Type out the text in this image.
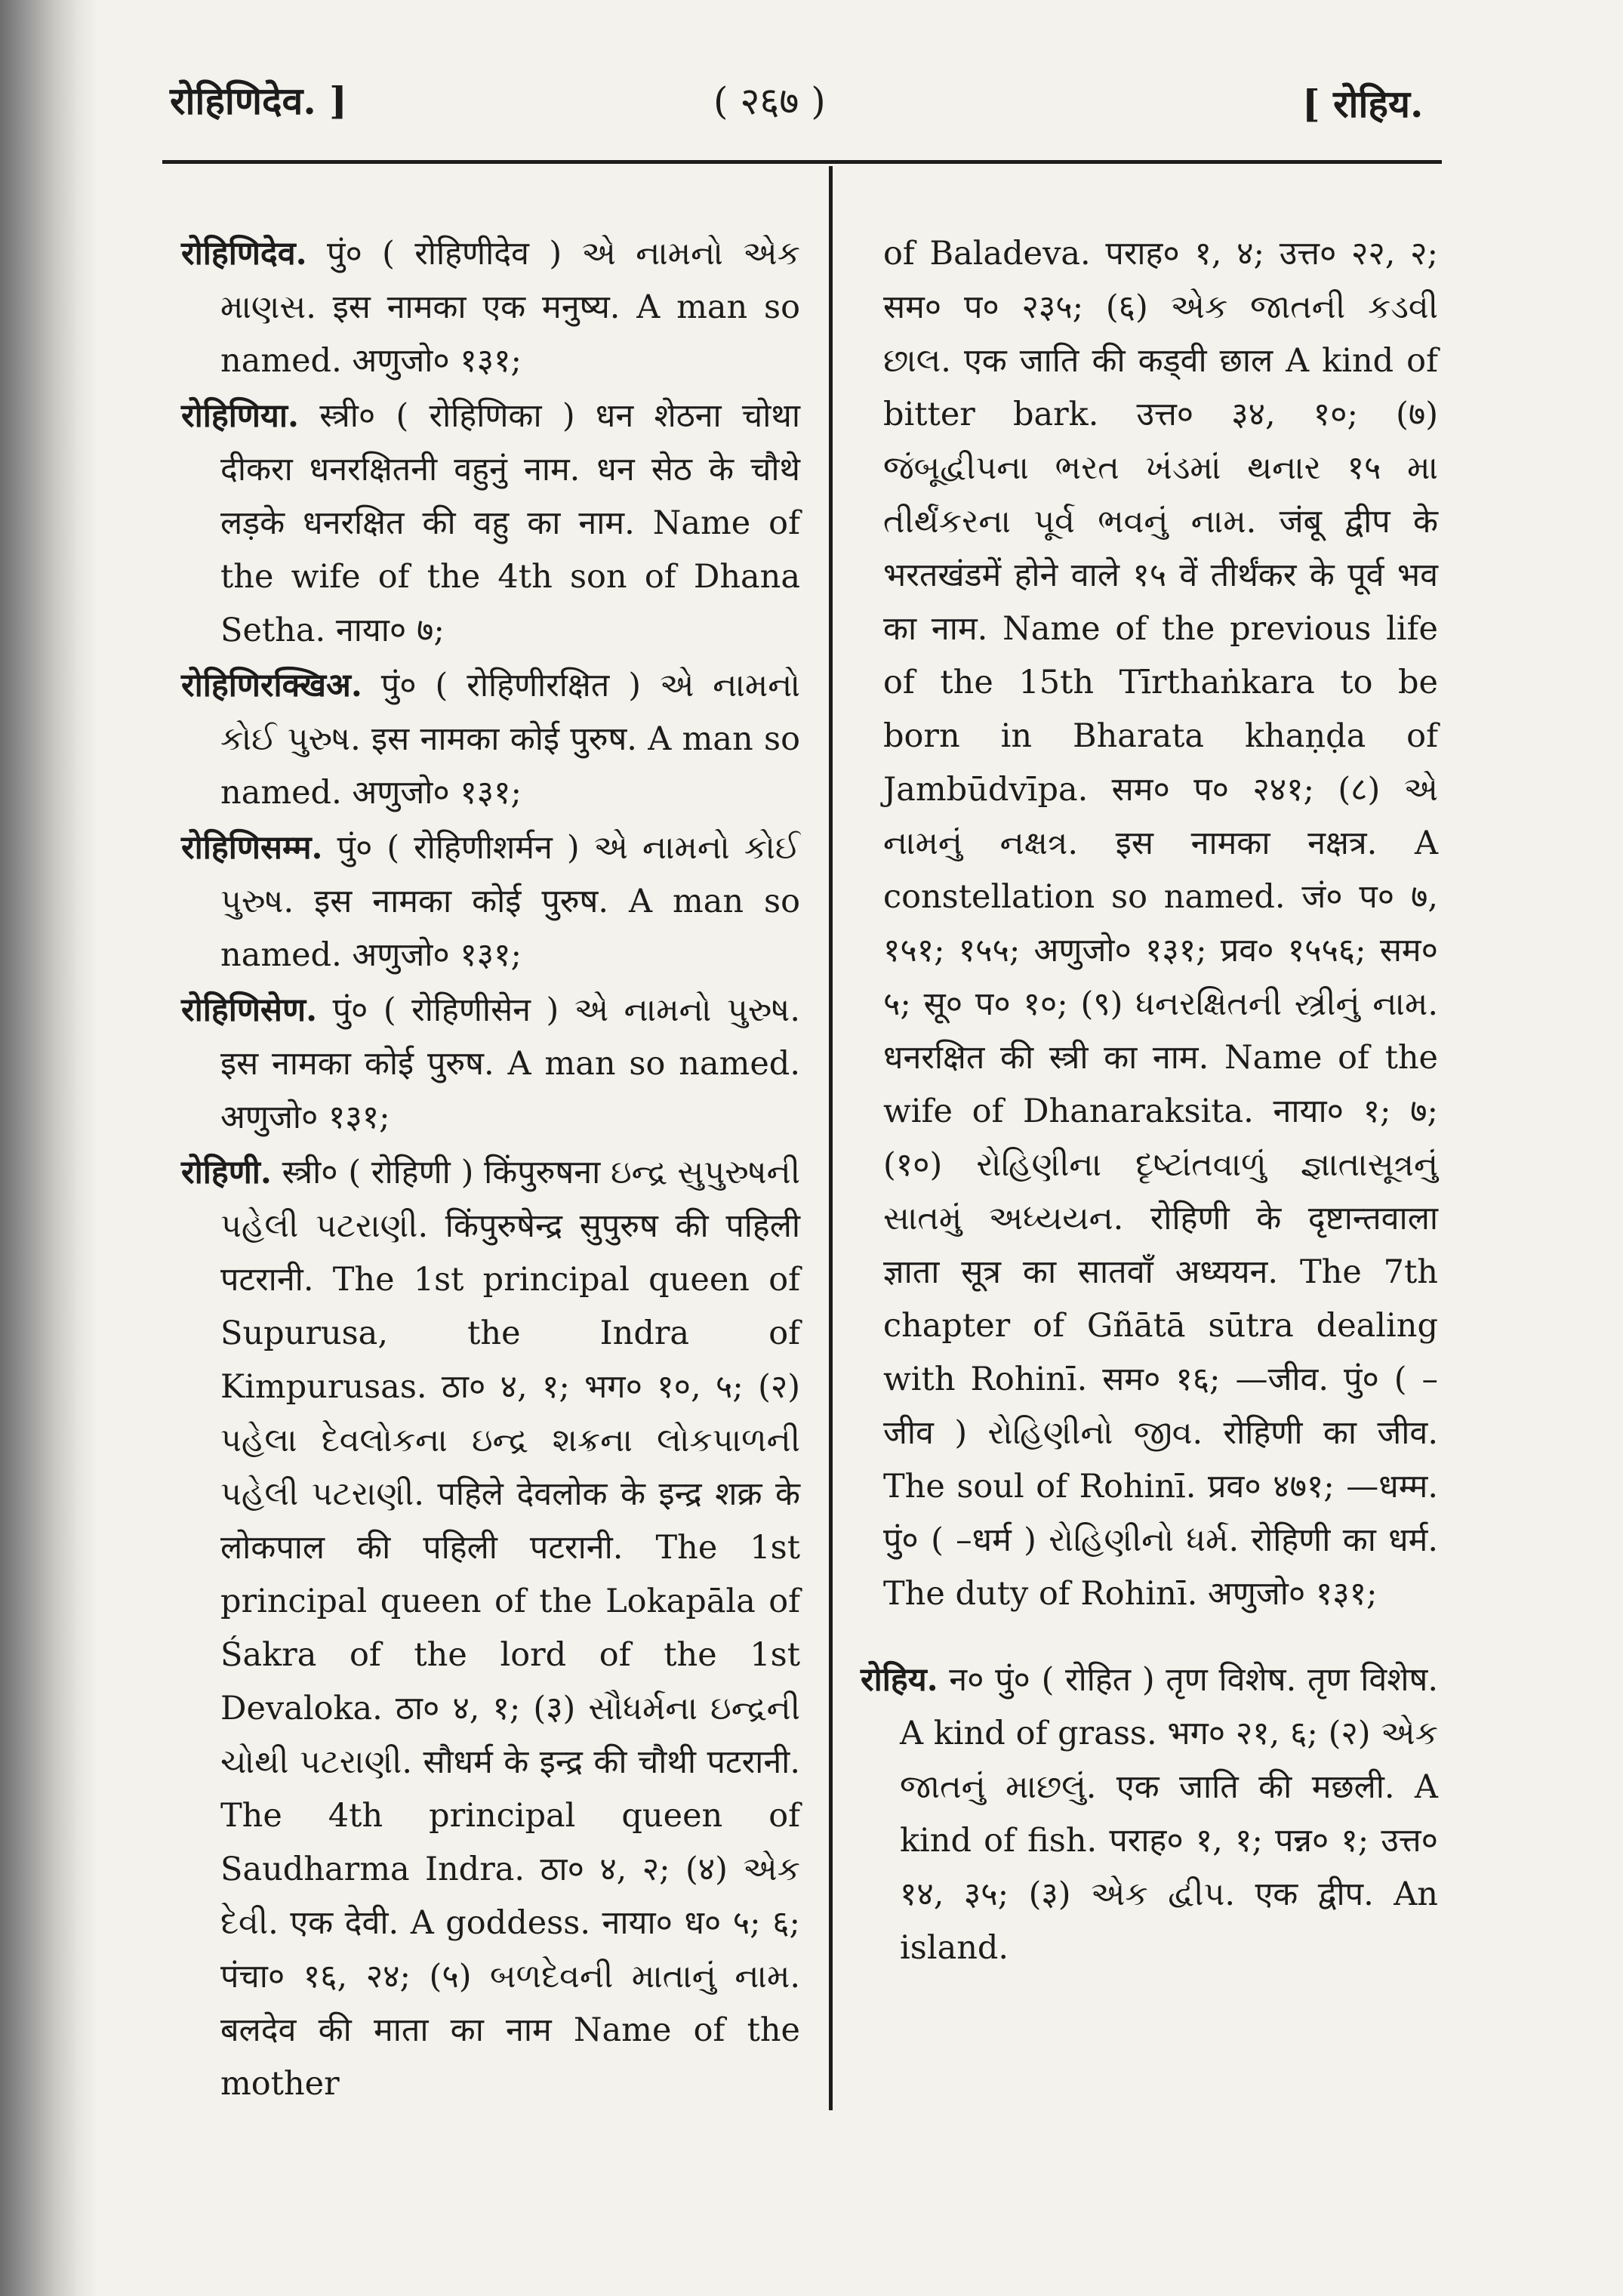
रोहिणिदेव. ]	( २६७ )	[ रोहिय.

रोहिणिदेव. पुं० ( रोहिणीदेव ) એ નામનો એક માણસ. इस नामका एक मनुष्य. A man so named. अणुजो० १३१;

रोहिणिया. स्त्री० ( रोहिणिका ) धन शेठना चोथा दीकरा धनरक्षितनी वहुनुं नाम. धन सेठ के चौथे लड़के धनरक्षित की वहु का नाम. Name of the wife of the 4th son of Dhana Setha. नाया० ७;

रोहिणिरक्खिअ. पुं० ( रोहिणीरक्षित ) એ નામનો કોઈ પુરુષ. इस नामका कोई पुरुष. A man so named. अणुजो० १३१;

रोहिणिसम्म. पुं० ( रोहिणीशर्मन ) એ નામનો કોઈ પુરુષ. इस नामका कोई पुरुष. A man so named. अणुजो० १३१;

रोहिणिसेण. पुं० ( रोहिणीसेन ) એ નામનો પુરુષ. इस नामका कोई पुरुष. A man so named. अणुजो० १३१;

रोहिणी. स्त्री० ( रोहिणी ) किंपुरुषना ઇન્દ્ર સુપુરુષની પહેલી પટરાણી. किंपुरुषेन्द्र सुपुरुष की पहिली पटरानी. The 1st principal queen of Supurusa, the Indra of Kimpurusas. ठा० ४, १; भग० १०, ५; (२) પહેલા દેવલોકના ઇન્દ્ર શક્રના લોકપાળની પહેલી પટરાણી. पहिले देवलोक के इन्द्र शक्र के लोकपाल की पहिली पटरानी. The 1st principal queen of the Lokapāla of Śakra of the lord of the 1st Devaloka. ठा० ४, १; (३) સૌધર્મના ઇન્દ્રની ચોથી પટરાણી. सौधर्म के इन्द्र की चौथी पटरानी. The 4th principal queen of Saudharma Indra. ठा० ४, २; (४) એક દેવી. एक देवी. A goddess. नाया० ध० ५; ६; पंचा० १६, २४; (५) બળદેવની માતાનું નામ. बलदेव की माता का नाम Name of the mother

of Baladeva. पराह० १, ४; उत्त० २२, २; सम० प० २३५; (६) એક જાતની કડવી છાલ. एक जाति की कड्वी छाल A kind of bitter bark. उत्त० ३४, १०; (७) જંબૂદ્વીપના ભરત ખંડમાં થનાર १५ મા તીર્થંકરના પૂર્વ ભવનું નામ. जंबू द्वीप के भरतखंडमें होने वाले १५ वें तीर्थंकर के पूर्व भव का नाम. Name of the previous life of the 15th Tīrthaṅkara to be born in Bharata khaṇḍa of Jambūdvīpa. सम० प० २४१; (८) એ નામનું નક્ષત્ર. इस नामका नक्षत्र. A constellation so named. जं० प० ७, १५१; १५५; अणुजो० १३१; प्रव० १५५६; सम० ५; सू० प० १०; (९) ધનરક્ષિતની સ્ત્રીનું નામ. धनरक्षित की स्त्री का नाम. Name of the wife of Dhanaraksita. नाया० १; ७; (१०) રોહિણીના દૃષ્ટાંતવાળું જ્ઞાતાસૂત્રનું સાતમું અધ્યયન. रोहिणी के दृष्टान्तवाला ज्ञाता सूत्र का सातवाँ अध्ययन. The 7th chapter of Gñātā sūtra dealing with Rohinī. सम० १६; —जीव. पुं० ( –जीव ) રોહિણીનો જીવ. रोहिणी का जीव. The soul of Rohinī. प्रव० ४७१; —धम्म. पुं० ( –धर्म ) રોહિણીનો ધર્મ. रोहिणी का धर्म. The duty of Rohinī. अणुजो० १३१;

रोहिय. न० पुं० ( रोहित ) तृण विशेष. तृण विशेष. A kind of grass. भग० २१, ६; (२) એક જાતનું માછલું. एक जाति की मछली. A kind of fish. पराह० १, १; पन्न० १; उत्त० १४, ३५; (३) એક દ્વીપ. एक द्वीप. An island.
